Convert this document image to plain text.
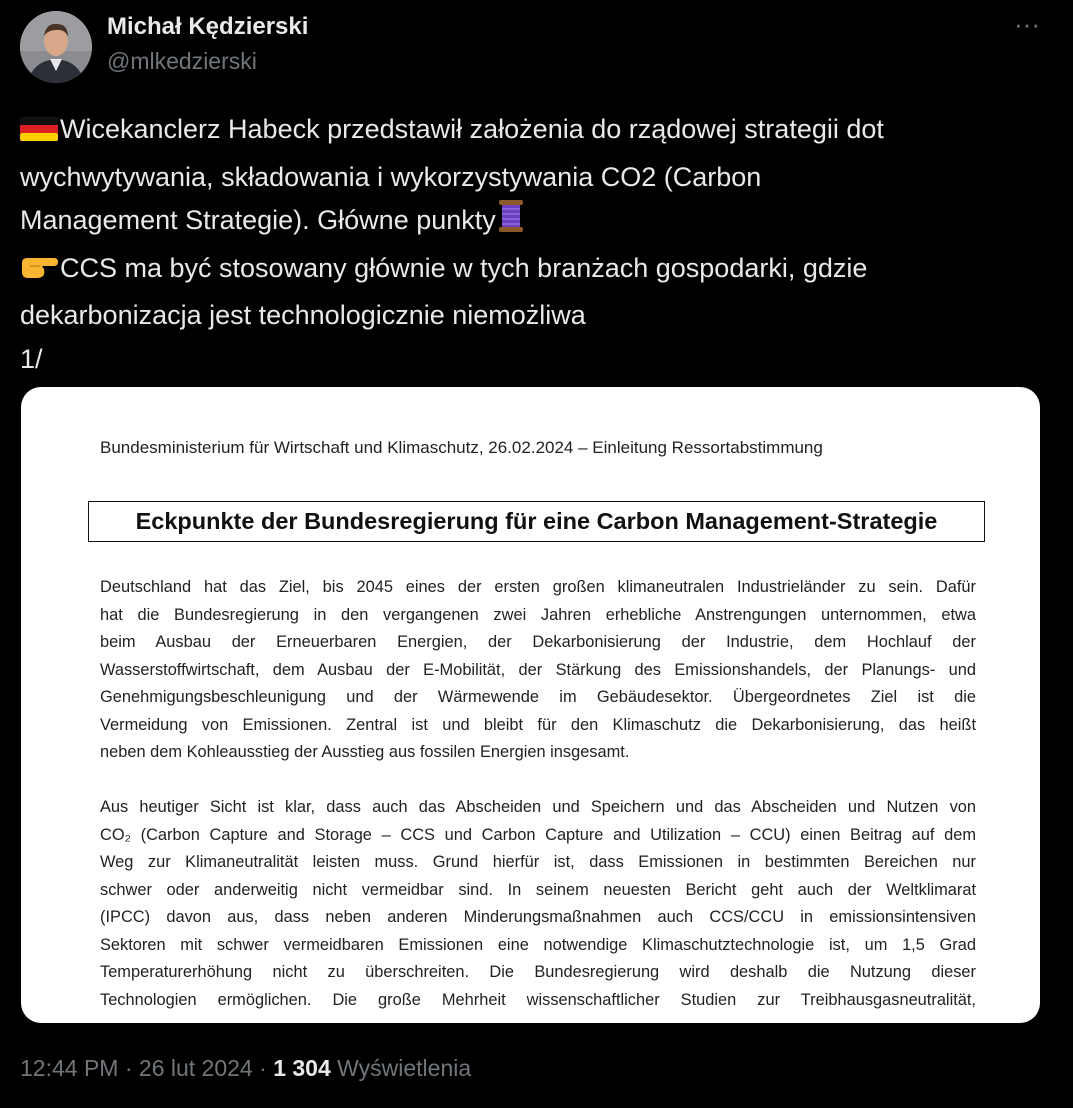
Michał Kędzierski
@mlkedzierski
···
Wicekanclerz Habeck przedstawił założenia do rządowej strategii dot
wychwytywania, składowania i wykorzystywania CO2 (Carbon
Management Strategie). Główne punkty
CCS ma być stosowany głównie w tych branżach gospodarki, gdzie
dekarbonizacja jest technologicznie niemożliwa
1/
Bundesministerium für Wirtschaft und Klimaschutz, 26.02.2024 – Einleitung Ressortabstimmung
Eckpunkte der Bundesregierung für eine Carbon Management-Strategie
Deutschland hat das Ziel, bis 2045 eines der ersten großen klimaneutralen Industrieländer zu sein. Dafür
hat die Bundesregierung in den vergangenen zwei Jahren erhebliche Anstrengungen unternommen, etwa
beim Ausbau der Erneuerbaren Energien, der Dekarbonisierung der Industrie, dem Hochlauf der
Wasserstoffwirtschaft, dem Ausbau der E-Mobilität, der Stärkung des Emissionshandels, der Planungs- und
Genehmigungsbeschleunigung und der Wärmewende im Gebäudesektor. Übergeordnetes Ziel ist die
Vermeidung von Emissionen. Zentral ist und bleibt für den Klimaschutz die Dekarbonisierung, das heißt
neben dem Kohleausstieg der Ausstieg aus fossilen Energien insgesamt.
Aus heutiger Sicht ist klar, dass auch das Abscheiden und Speichern und das Abscheiden und Nutzen von
CO₂ (Carbon Capture and Storage – CCS und Carbon Capture and Utilization – CCU) einen Beitrag auf dem
Weg zur Klimaneutralität leisten muss. Grund hierfür ist, dass Emissionen in bestimmten Bereichen nur
schwer oder anderweitig nicht vermeidbar sind. In seinem neuesten Bericht geht auch der Weltklimarat
(IPCC) davon aus, dass neben anderen Minderungsmaßnahmen auch CCS/CCU in emissionsintensiven
Sektoren mit schwer vermeidbaren Emissionen eine notwendige Klimaschutztechnologie ist, um 1,5 Grad
Temperaturerhöhung nicht zu überschreiten. Die Bundesregierung wird deshalb die Nutzung dieser
Technologien ermöglichen. Die große Mehrheit wissenschaftlicher Studien zur Treibhausgasneutralität,
12:44 PM · 26 lut 2024 · 1 304 Wyświetlenia
